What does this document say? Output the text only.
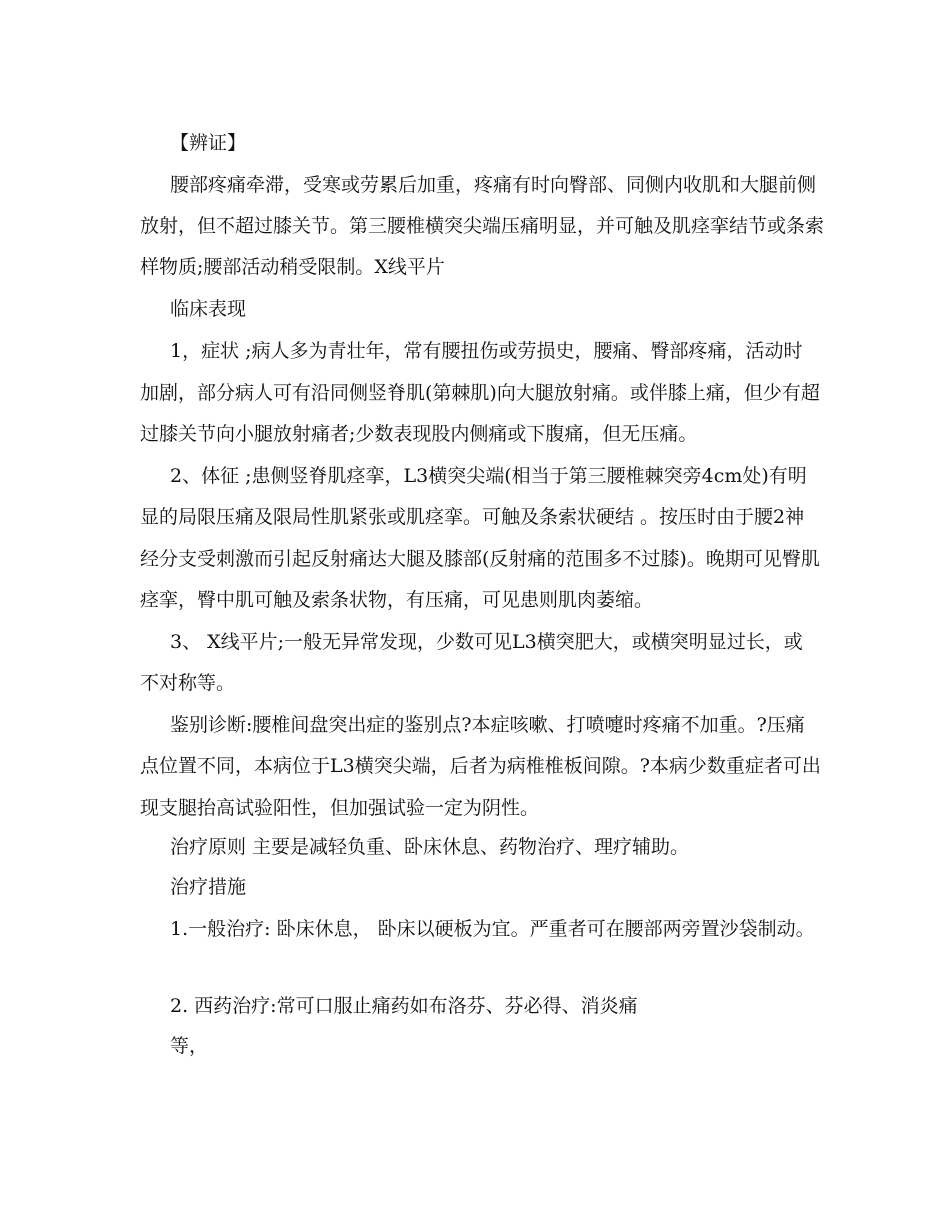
【辨证】
腰部疼痛牵滞，受寒或劳累后加重，疼痛有时向臀部、同侧内收肌和大腿前侧
放射，但不超过膝关节。第三腰椎横突尖端压痛明显，并可触及肌痉挛结节或条索
样物质;腰部活动稍受限制。X线平片
临床表现
1，症状 ;病人多为青壮年，常有腰扭伤或劳损史，腰痛、臀部疼痛，活动时
加剧，部分病人可有沿同侧竖脊肌(第棘肌)向大腿放射痛。或伴膝上痛，但少有超
过膝关节向小腿放射痛者;少数表现股内侧痛或下腹痛，但无压痛。
2、体征 ;患侧竖脊肌痉挛，L3横突尖端(相当于第三腰椎棘突旁4cm处)有明
显的局限压痛及限局性肌紧张或肌痉挛。可触及条索状硬结 。按压时由于腰2神
经分支受刺激而引起反射痛达大腿及膝部(反射痛的范围多不过膝)。晚期可见臀肌
痉挛，臀中肌可触及索条状物，有压痛，可见患则肌肉萎缩。
3、 X线平片;一般无异常发现，少数可见L3横突肥大，或横突明显过长，或
不对称等。
鉴别诊断:腰椎间盘突出症的鉴别点?本症咳嗽、打喷嚏时疼痛不加重。?压痛
点位置不同，本病位于L3横突尖端，后者为病椎椎板间隙。?本病少数重症者可出
现支腿抬高试验阳性，但加强试验一定为阴性。
治疗原则 主要是减轻负重、卧床休息、药物治疗、理疗辅助。
治疗措施
1.一般治疗: 卧床休息， 卧床以硬板为宜。严重者可在腰部两旁置沙袋制动。
2. 西药治疗:常可口服止痛药如布洛芬、芬必得、消炎痛
等，
